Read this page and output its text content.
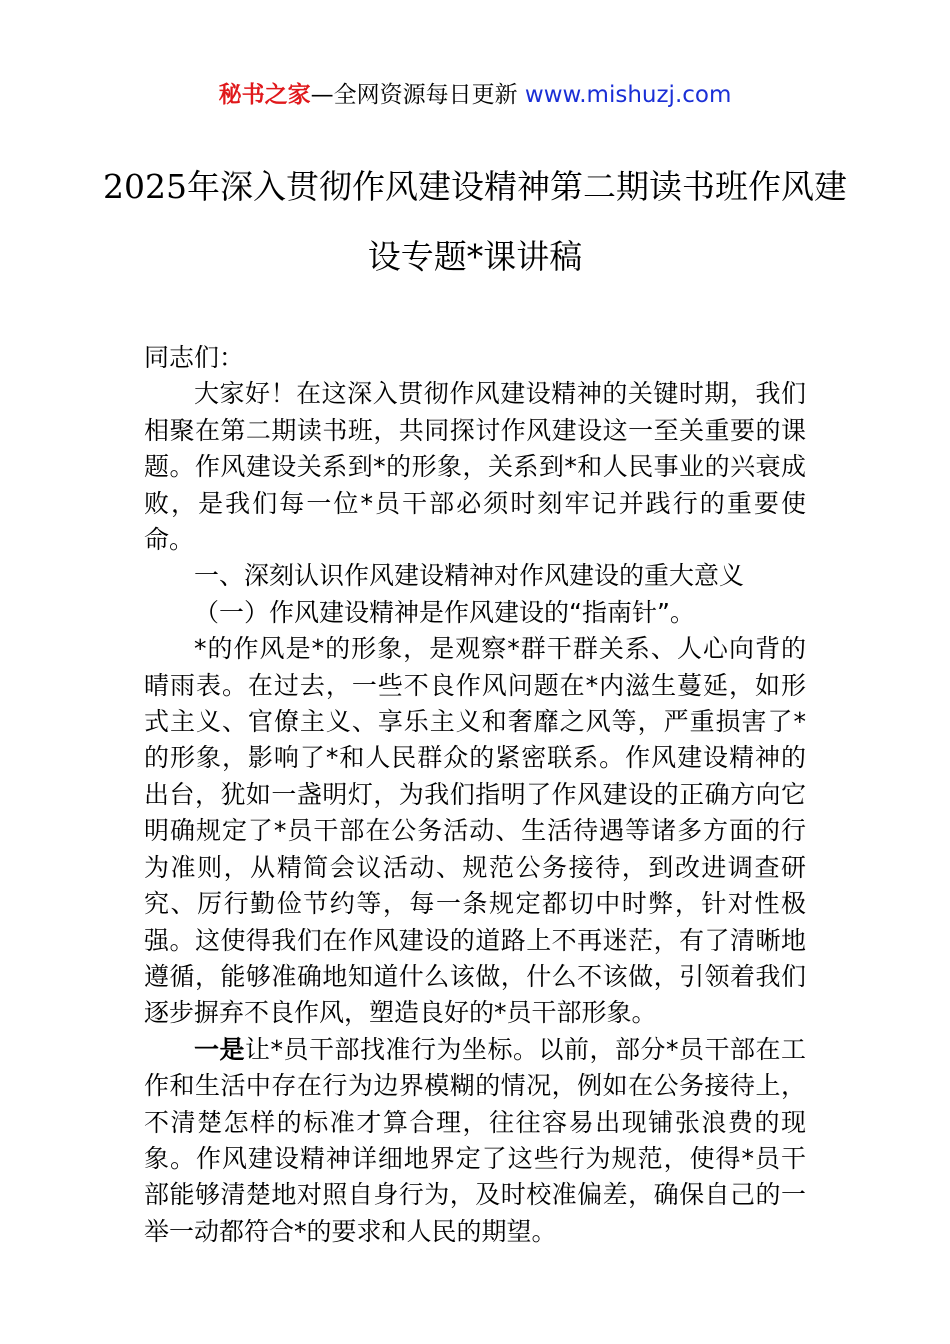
秘书之家—全网资源每日更新 www.mishuzj.com
2025年深入贯彻作风建设精神第二期读书班作风建设专题*课讲稿

同志们：

大家好！在这深入贯彻作风建设精神的关键时期，我们相聚在第二期读书班，共同探讨作风建设这一至关重要的课题。作风建设关系到*的形象，关系到*和人民事业的兴衰成败，是我们每一位*员干部必须时刻牢记并践行的重要使命。

一、深刻认识作风建设精神对作风建设的重大意义

（一）作风建设精神是作风建设的“指南针”。

*的作风是*的形象，是观察*群干群关系、人心向背的晴雨表。在过去，一些不良作风问题在*内滋生蔓延，如形式主义、官僚主义、享乐主义和奢靡之风等，严重损害了*的形象，影响了*和人民群众的紧密联系。作风建设精神的出台，犹如一盏明灯，为我们指明了作风建设的正确方向它明确规定了*员干部在公务活动、生活待遇等诸多方面的行为准则，从精简会议活动、规范公务接待，到改进调查研究、厉行勤俭节约等，每一条规定都切中时弊，针对性极强。这使得我们在作风建设的道路上不再迷茫，有了清晰地遵循，能够准确地知道什么该做，什么不该做，引领着我们逐步摒弃不良作风，塑造良好的*员干部形象。

一是让*员干部找准行为坐标。以前，部分*员干部在工作和生活中存在行为边界模糊的情况，例如在公务接待上，不清楚怎样的标准才算合理，往往容易出现铺张浪费的现象。作风建设精神详细地界定了这些行为规范，使得*员干部能够清楚地对照自身行为，及时校准偏差，确保自己的一举一动都符合*的要求和人民的期望。
